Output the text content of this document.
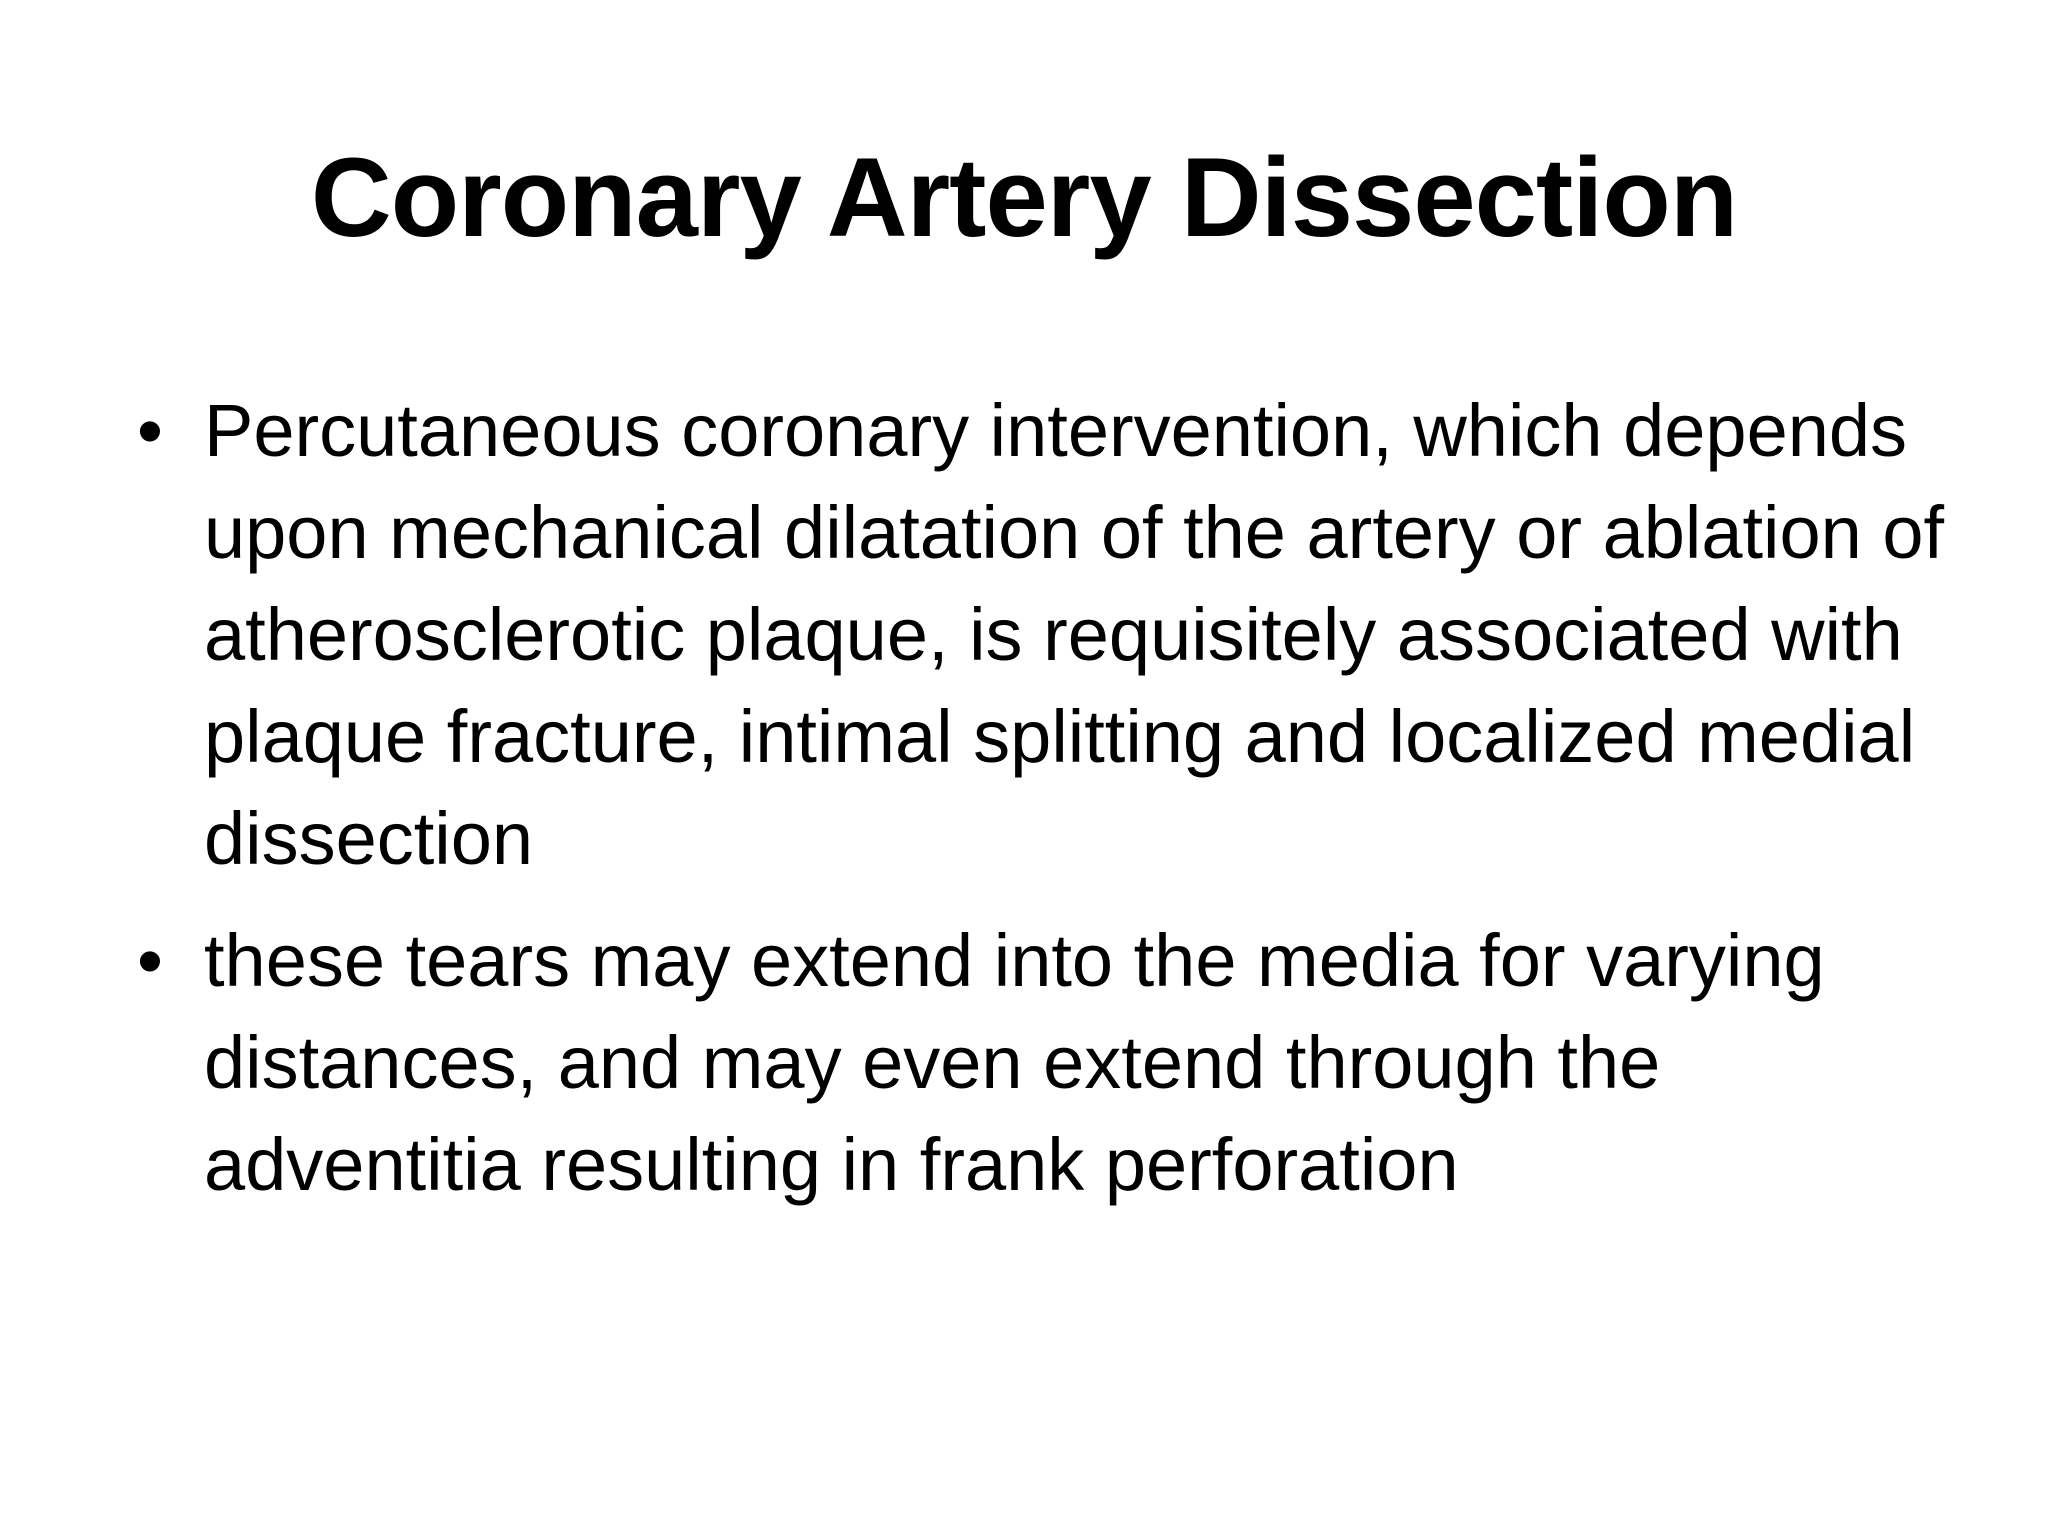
Coronary Artery Dissection
• Percutaneous coronary intervention, which depends upon mechanical dilatation of the artery or ablation of atherosclerotic plaque, is requisitely associated with plaque fracture, intimal splitting and localized medial dissection
• these tears may extend into the media for varying distances, and may even extend through the adventitia resulting in frank perforation
